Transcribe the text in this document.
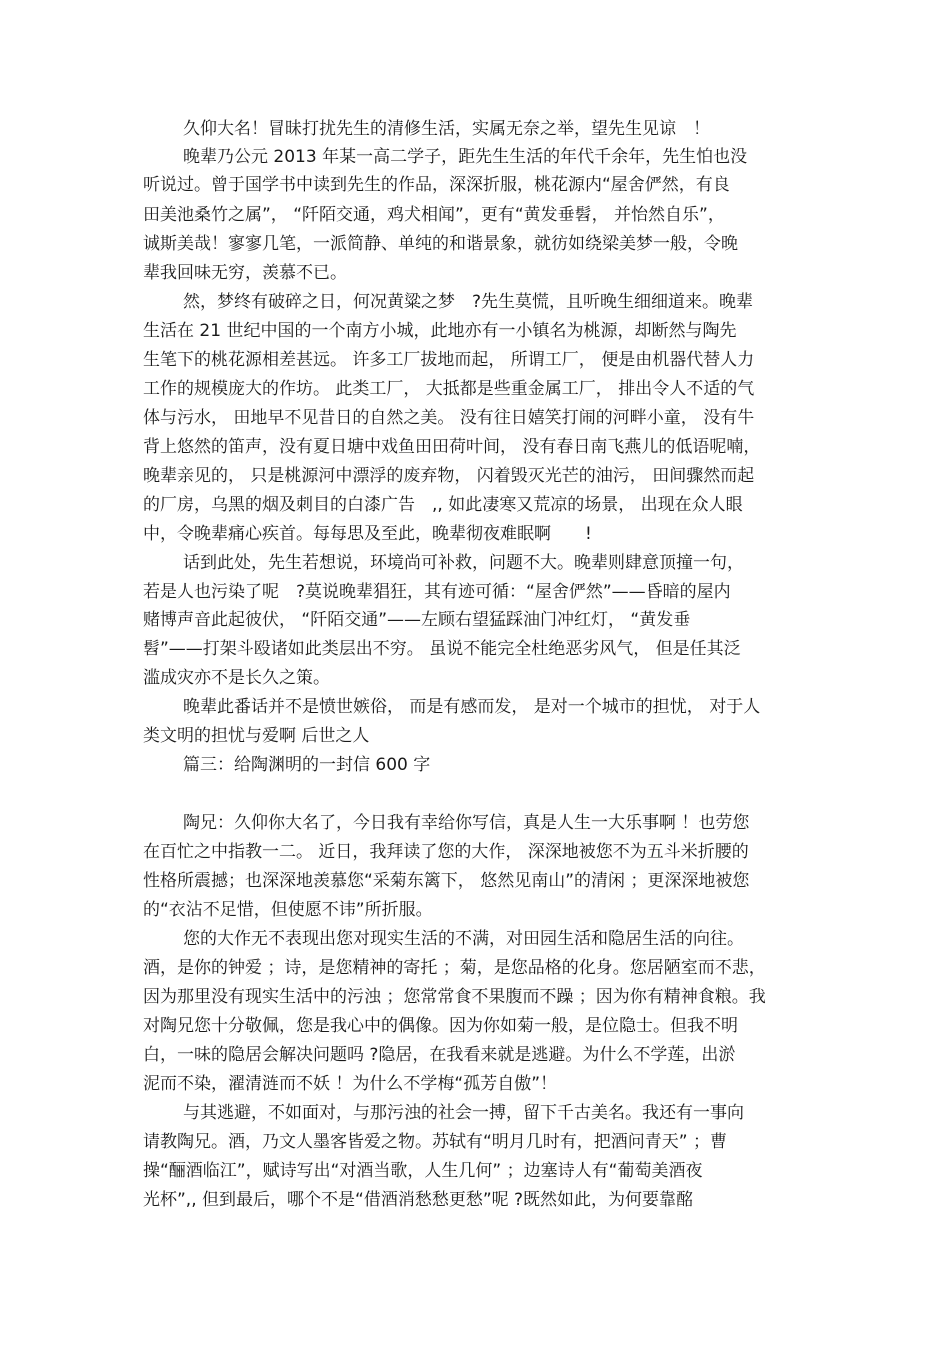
久仰大名！冒昧打扰先生的清修生活，实属无奈之举，望先生见谅　！

晚辈乃公元 2013 年某一高二学子，距先生生活的年代千余年，先生怕也没

听说过。曾于国学书中读到先生的作品，深深折服，桃花源内“屋舍俨然，有良

田美池桑竹之属”， “阡陌交通，鸡犬相闻”，更有“黄发垂髫， 并怡然自乐”，

诚斯美哉！寥寥几笔，一派简静、单纯的和谐景象，就彷如绕梁美梦一般，令晚

辈我回味无穷，羡慕不已。

然，梦终有破碎之日，何况黄粱之梦　?先生莫慌，且听晚生细细道来。晚辈

生活在 21 世纪中国的一个南方小城，此地亦有一小镇名为桃源，却断然与陶先

生笔下的桃花源相差甚远。 许多工厂拔地而起， 所谓工厂， 便是由机器代替人力

工作的规模庞大的作坊。 此类工厂， 大抵都是些重金属工厂， 排出令人不适的气

体与污水， 田地早不见昔日的自然之美。 没有往日嬉笑打闹的河畔小童， 没有牛

背上悠然的笛声，没有夏日塘中戏鱼田田荷叶间， 没有春日南飞燕儿的低语呢喃，

晚辈亲见的， 只是桃源河中漂浮的废弃物， 闪着毁灭光芒的油污， 田间骤然而起

的厂房，乌黑的烟及刺目的白漆广告　,, 如此凄寒又荒凉的场景， 出现在众人眼

中，令晚辈痛心疾首。每每思及至此，晚辈彻夜难眠啊　　!

话到此处，先生若想说，环境尚可补救，问题不大。晚辈则肆意顶撞一句，

若是人也污染了呢　?莫说晚辈猖狂，其有迹可循：“屋舍俨然”——昏暗的屋内

赌博声音此起彼伏， “阡陌交通”——左顾右望猛踩油门冲红灯， “黄发垂

髫”——打架斗殴诸如此类层出不穷。 虽说不能完全杜绝恶劣风气， 但是任其泛

滥成灾亦不是长久之策。

晚辈此番话并不是愤世嫉俗， 而是有感而发， 是对一个城市的担忧， 对于人

类文明的担忧与爱啊 后世之人

篇三：给陶渊明的一封信 600 字

陶兄：久仰你大名了，今日我有幸给你写信，真是人生一大乐事啊 ！也劳您

在百忙之中指教一二。 近日，我拜读了您的大作， 深深地被您不为五斗米折腰的

性格所震撼；也深深地羡慕您“采菊东篱下， 悠然见南山”的清闲 ；更深深地被您

的“衣沾不足惜，但使愿不讳”所折服。

您的大作无不表现出您对现实生活的不满，对田园生活和隐居生活的向往。

酒，是你的钟爱 ；诗，是您精神的寄托 ；菊，是您品格的化身。您居陋室而不悲，

因为那里没有现实生活中的污浊 ；您常常食不果腹而不躁 ；因为你有精神食粮。我

对陶兄您十分敬佩，您是我心中的偶像。因为你如菊一般，是位隐士。但我不明

白，一味的隐居会解决问题吗 ?隐居，在我看来就是逃避。为什么不学莲，出淤

泥而不染，濯清涟而不妖 ！为什么不学梅“孤芳自傲”！

与其逃避，不如面对，与那污浊的社会一搏，留下千古美名。我还有一事向

请教陶兄。酒，乃文人墨客皆爱之物。苏轼有“明月几时有，把酒问青天” ；曹

操“酾酒临江”，赋诗写出“对酒当歌，人生几何” ；边塞诗人有“葡萄美酒夜

光杯”,, 但到最后，哪个不是“借酒消愁愁更愁”呢 ?既然如此，为何要靠酩
